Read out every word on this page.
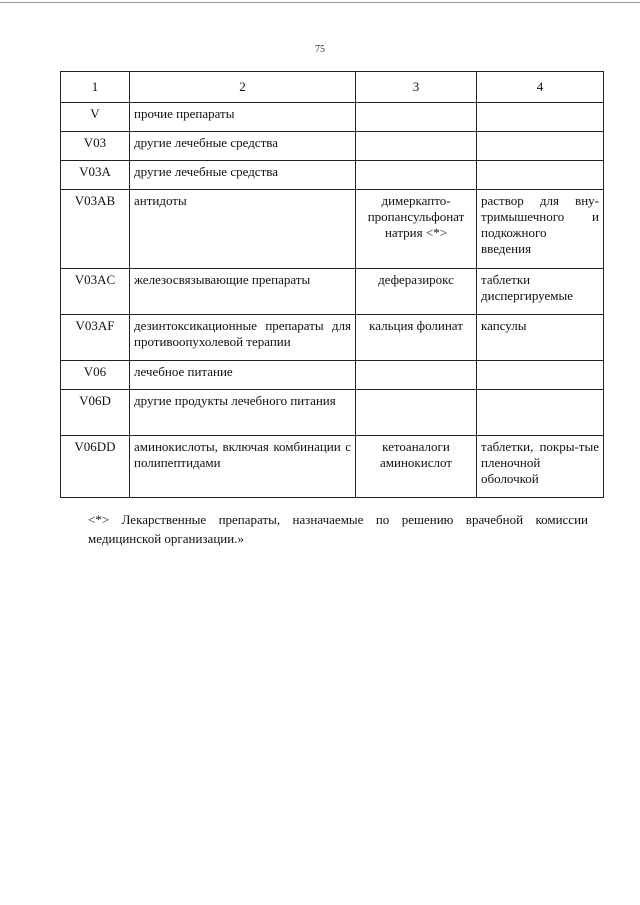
75
1	2	3	4
V	прочие препараты		
V03	другие лечебные средства		
V03A	другие лечебные средства		
V03AB	антидоты	димеркапто-пропансульфонат натрия <*>	раствор для вну-тримышечного и подкожного введения
V03AC	железосвязывающие препараты	деферазирокс	таблетки диспергируемые
V03AF	дезинтоксикационные препараты для противоопухолевой терапии	кальция фолинат	капсулы
V06	лечебное питание		
V06D	другие продукты лечебного питания		
V06DD	аминокислоты, включая комбинации с полипептидами	кетоаналоги аминокислот	таблетки, покры-тые пленочной оболочкой
<*> Лекарственные препараты, назначаемые по решению врачебной комиссии медицинской организации.»
